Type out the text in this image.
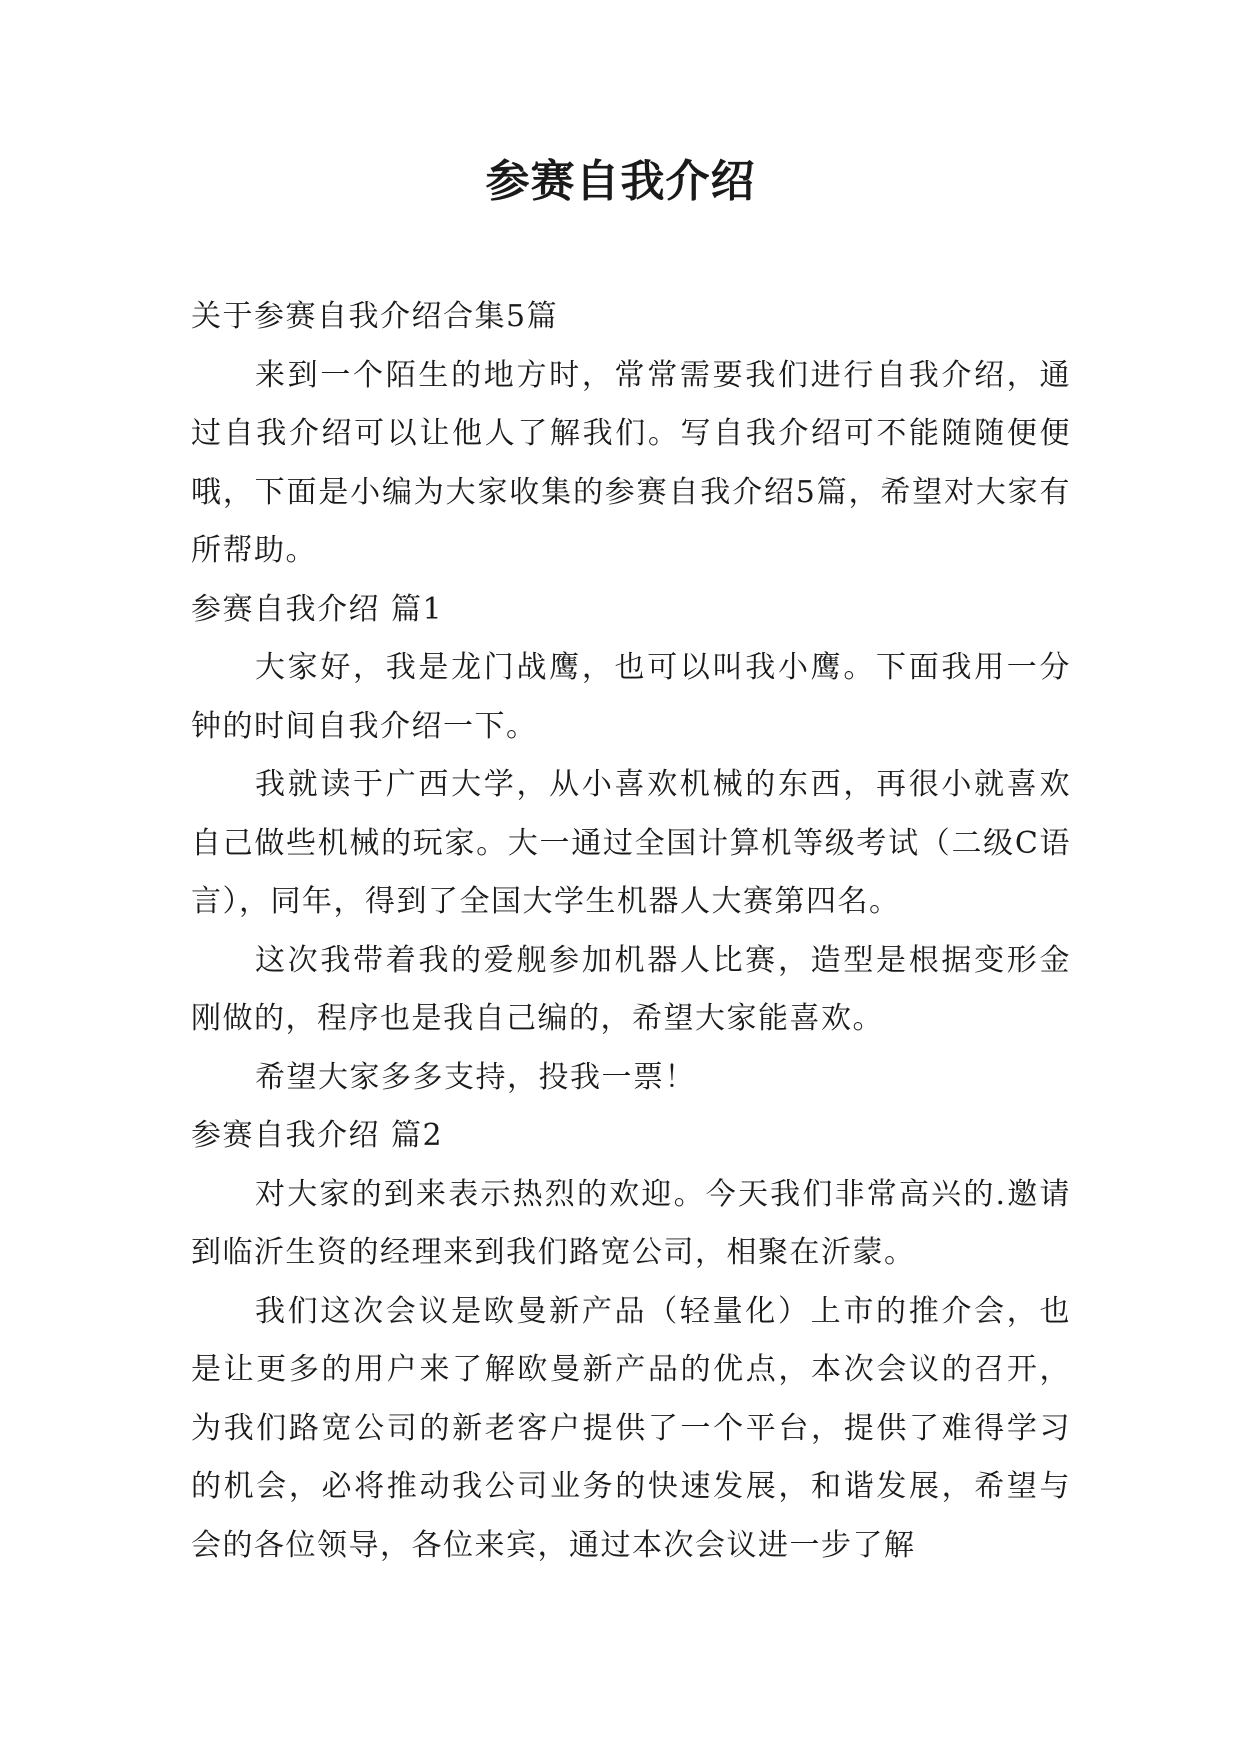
参赛自我介绍

关于参赛自我介绍合集5篇

来到一个陌生的地方时，常常需要我们进行自我介绍，通过自我介绍可以让他人了解我们。写自我介绍可不能随随便便哦，下面是小编为大家收集的参赛自我介绍5篇，希望对大家有所帮助。

参赛自我介绍 篇1

大家好，我是龙门战鹰，也可以叫我小鹰。下面我用一分钟的时间自我介绍一下。

我就读于广西大学，从小喜欢机械的东西，再很小就喜欢自己做些机械的玩家。大一通过全国计算机等级考试（二级C语言），同年，得到了全国大学生机器人大赛第四名。

这次我带着我的爱舰参加机器人比赛，造型是根据变形金刚做的，程序也是我自己编的，希望大家能喜欢。

希望大家多多支持，投我一票！

参赛自我介绍 篇2

对大家的到来表示热烈的欢迎。今天我们非常高兴的.邀请到临沂生资的经理来到我们路宽公司，相聚在沂蒙。

我们这次会议是欧曼新产品（轻量化）上市的推介会，也是让更多的用户来了解欧曼新产品的优点，本次会议的召开，为我们路宽公司的新老客户提供了一个平台，提供了难得学习的机会，必将推动我公司业务的快速发展，和谐发展，希望与会的各位领导，各位来宾，通过本次会议进一步了解
